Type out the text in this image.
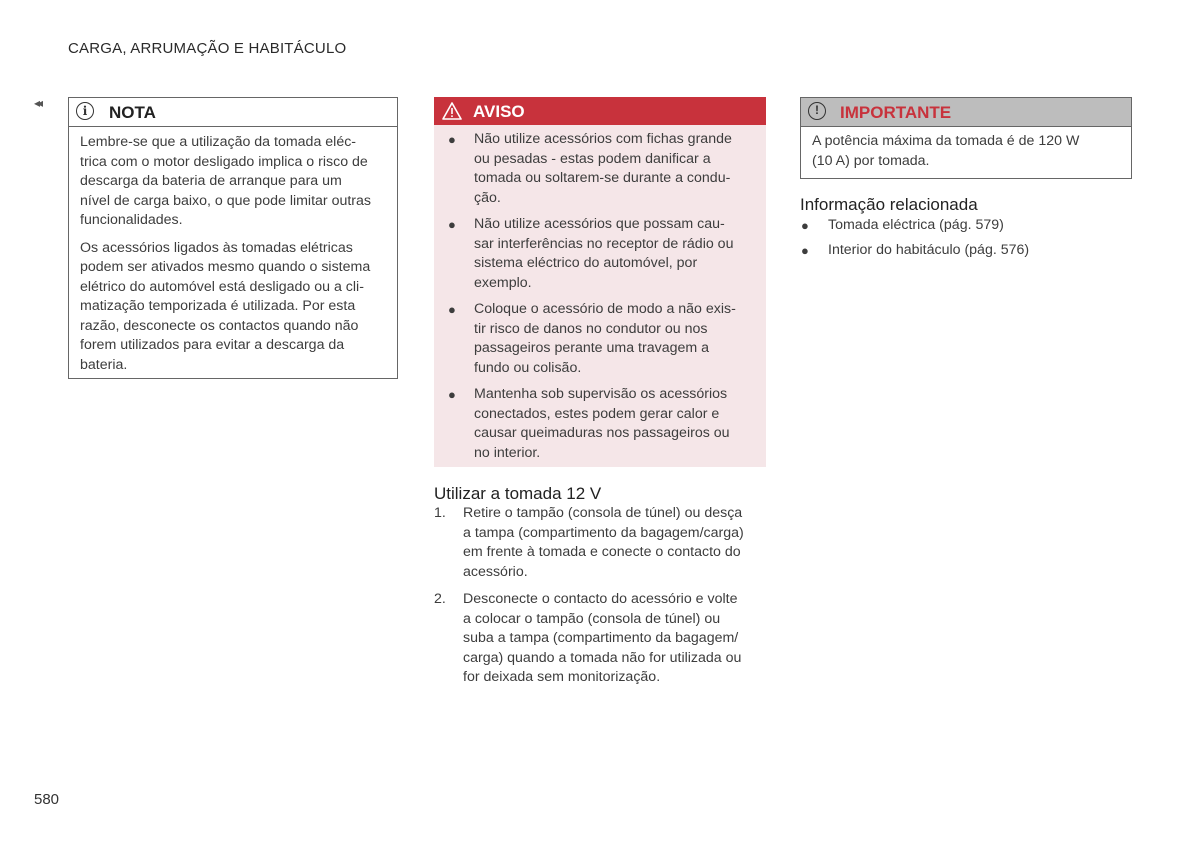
CARGA, ARRUMAÇÃO E HABITÁCULO
◂◂
i	NOTA

Lembre-se que a utilização da tomada eléc-
trica com o motor desligado implica o risco de
descarga da bateria de arranque para um
nível de carga baixo, o que pode limitar outras
funcionalidades.

Os acessórios ligados às tomadas elétricas
podem ser ativados mesmo quando o sistema
elétrico do automóvel está desligado ou a cli-
matização temporizada é utilizada. Por esta
razão, desconecte os contactos quando não
forem utilizados para evitar a descarga da
bateria.

AVISO
● Não utilize acessórios com fichas grande
ou pesadas - estas podem danificar a
tomada ou soltarem-se durante a condu-
ção.
● Não utilize acessórios que possam cau-
sar interferências no receptor de rádio ou
sistema eléctrico do automóvel, por
exemplo.
● Coloque o acessório de modo a não exis-
tir risco de danos no condutor ou nos
passageiros perante uma travagem a
fundo ou colisão.
● Mantenha sob supervisão os acessórios
conectados, estes podem gerar calor e
causar queimaduras nos passageiros ou
no interior.
Utilizar a tomada 12 V
1. Retire o tampão (consola de túnel) ou desça
a tampa (compartimento da bagagem/carga)
em frente à tomada e conecte o contacto do
acessório.
2. Desconecte o contacto do acessório e volte
a colocar o tampão (consola de túnel) ou
suba a tampa (compartimento da bagagem/
carga) quando a tomada não for utilizada ou
for deixada sem monitorização.
!	IMPORTANTE
A potência máxima da tomada é de 120 W
(10 A) por tomada.
Informação relacionada
● Tomada eléctrica (pág. 579)
● Interior do habitáculo (pág. 576)
580
